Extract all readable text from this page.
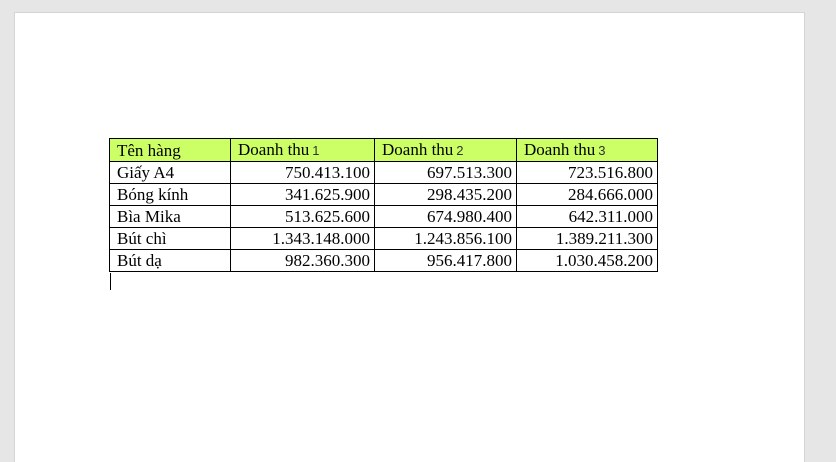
Tên hàng	Doanh thu 1	Doanh thu 2	Doanh thu 3
Giấy A4	750.413.100	697.513.300	723.516.800
Bóng kính	341.625.900	298.435.200	284.666.000
Bìa Mika	513.625.600	674.980.400	642.311.000
Bút chì	1.343.148.000	1.243.856.100	1.389.211.300
Bút dạ	982.360.300	956.417.800	1.030.458.200
